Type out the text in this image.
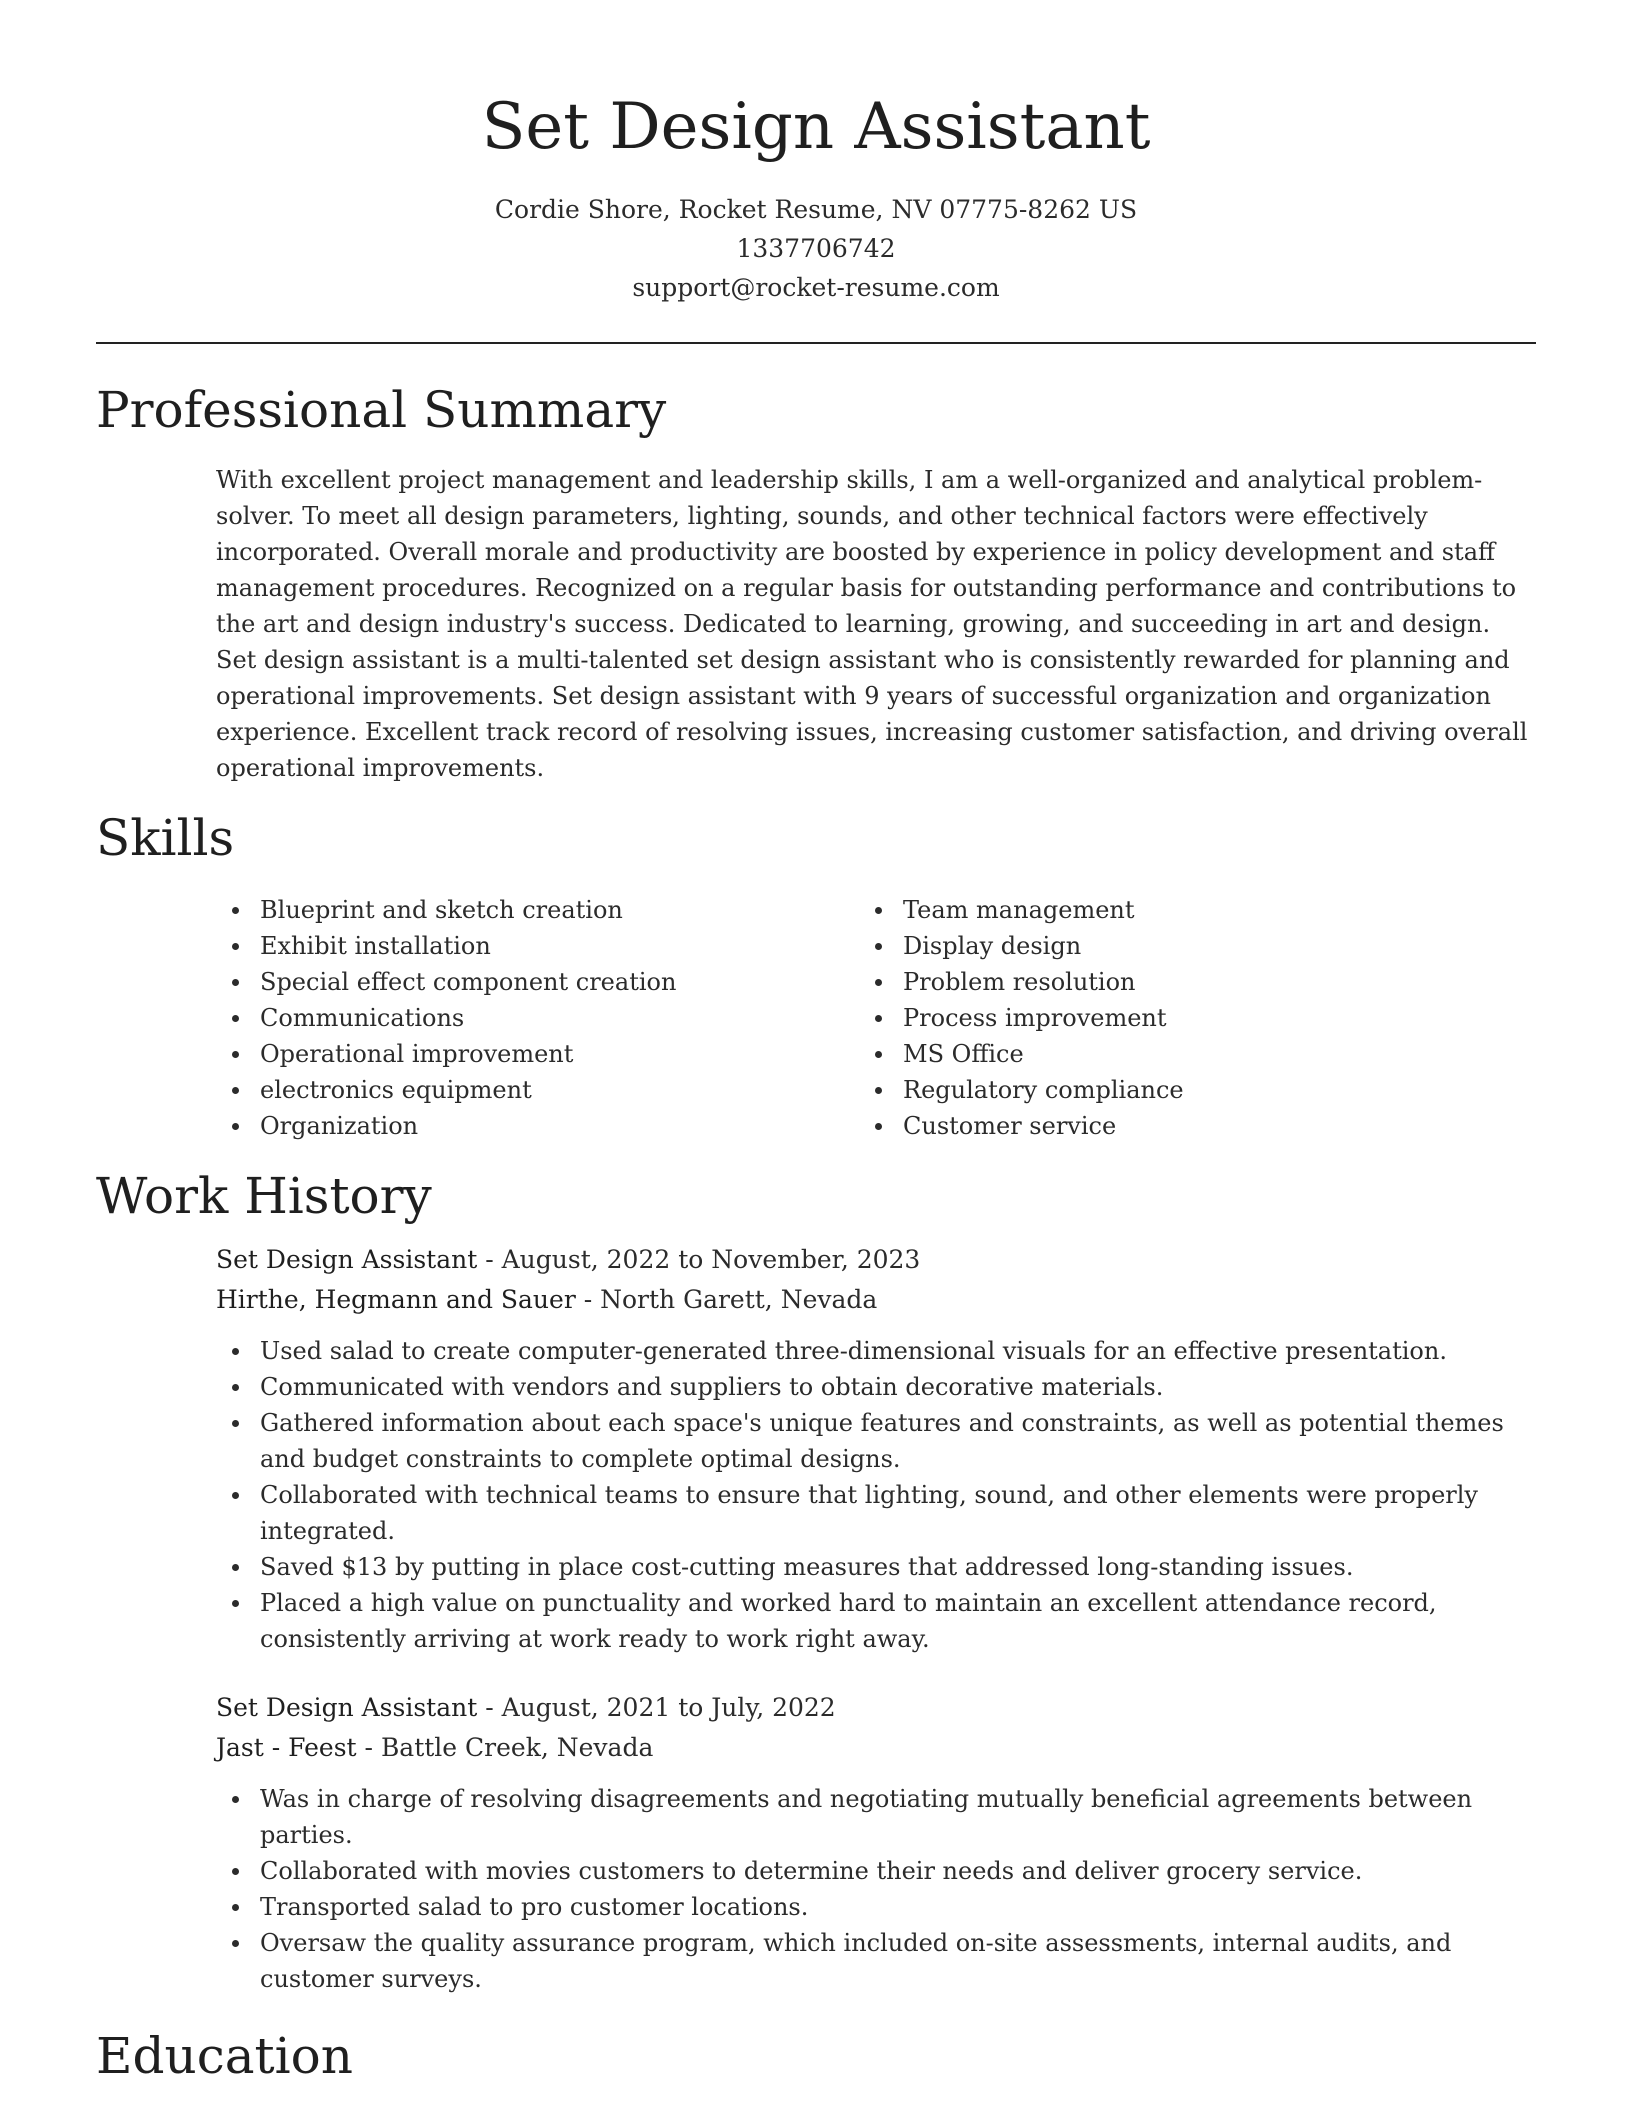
Set Design Assistant
Cordie Shore, Rocket Resume, NV 07775-8262 US
1337706742
support@rocket-resume.com
Professional Summary

With excellent project management and leadership skills, I am a well-organized and analytical problem-solver. To meet all design parameters, lighting, sounds, and other technical factors were effectively incorporated. Overall morale and productivity are boosted by experience in policy development and staff management procedures. Recognized on a regular basis for outstanding performance and contributions to the art and design industry's success. Dedicated to learning, growing, and succeeding in art and design. Set design assistant is a multi-talented set design assistant who is consistently rewarded for planning and operational improvements. Set design assistant with 9 years of successful organization and organization experience. Excellent track record of resolving issues, increasing customer satisfaction, and driving overall operational improvements.

Skills
Blueprint and sketch creation
Exhibit installation
Special effect component creation
Communications
Operational improvement
electronics equipment
Organization
Team management
Display design
Problem resolution
Process improvement
MS Office
Regulatory compliance
Customer service
Work History
Set Design Assistant - August, 2022 to November, 2023
Hirthe, Hegmann and Sauer - North Garett, Nevada
Used salad to create computer-generated three-dimensional visuals for an effective presentation.
Communicated with vendors and suppliers to obtain decorative materials.
Gathered information about each space's unique features and constraints, as well as potential themes and budget constraints to complete optimal designs.
Collaborated with technical teams to ensure that lighting, sound, and other elements were properly integrated.
Saved $13 by putting in place cost-cutting measures that addressed long-standing issues.
Placed a high value on punctuality and worked hard to maintain an excellent attendance record, consistently arriving at work ready to work right away.
Set Design Assistant - August, 2021 to July, 2022
Jast - Feest - Battle Creek, Nevada
Was in charge of resolving disagreements and negotiating mutually beneficial agreements between parties.
Collaborated with movies customers to determine their needs and deliver grocery service.
Transported salad to pro customer locations.
Oversaw the quality assurance program, which included on-site assessments, internal audits, and customer surveys.
Education
